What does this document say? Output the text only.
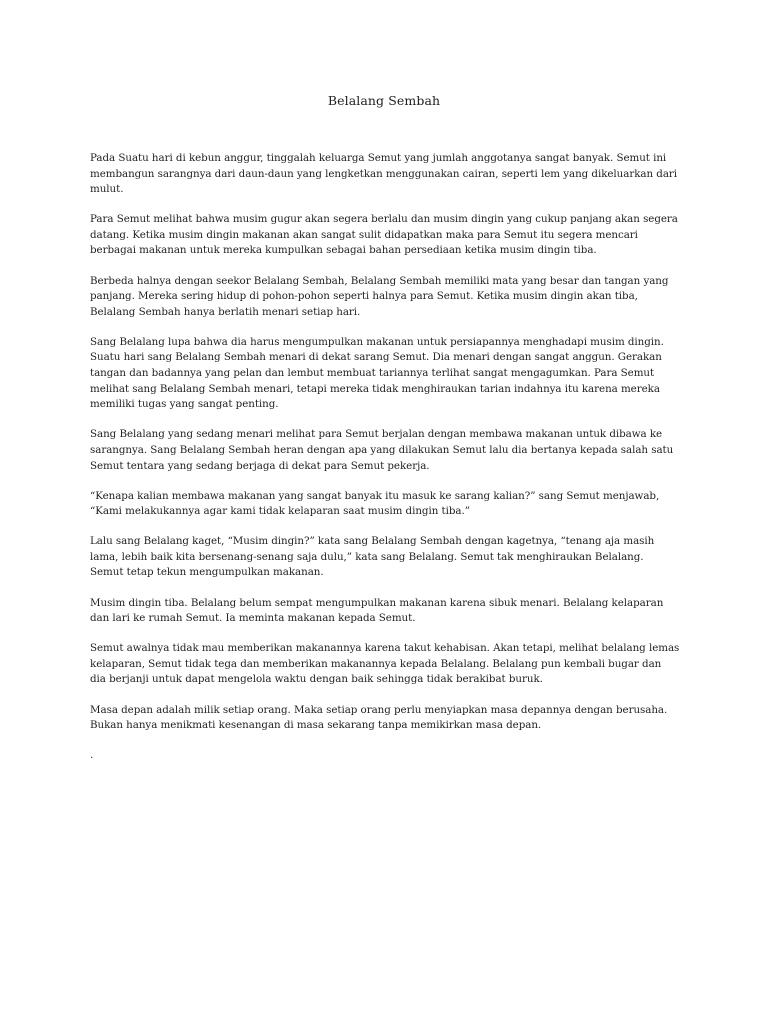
Belalang Sembah

Pada Suatu hari di kebun anggur, tinggalah keluarga Semut yang jumlah anggotanya sangat banyak. Semut ini membangun sarangnya dari daun-daun yang lengketkan menggunakan cairan, seperti lem yang dikeluarkan dari mulut.

Para Semut melihat bahwa musim gugur akan segera berlalu dan musim dingin yang cukup panjang akan segera datang. Ketika musim dingin makanan akan sangat sulit didapatkan maka para Semut itu segera mencari berbagai makanan untuk mereka kumpulkan sebagai bahan persediaan ketika musim dingin tiba.

Berbeda halnya dengan seekor Belalang Sembah, Belalang Sembah memiliki mata yang besar dan tangan yang panjang. Mereka sering hidup di pohon-pohon seperti halnya para Semut. Ketika musim dingin akan tiba, Belalang Sembah hanya berlatih menari setiap hari.

Sang Belalang lupa bahwa dia harus mengumpulkan makanan untuk persiapannya menghadapi musim dingin. Suatu hari sang Belalang Sembah menari di dekat sarang Semut. Dia menari dengan sangat anggun. Gerakan tangan dan badannya yang pelan dan lembut membuat tariannya terlihat sangat mengagumkan. Para Semut melihat sang Belalang Sembah menari, tetapi mereka tidak menghiraukan tarian indahnya itu karena mereka memiliki tugas yang sangat penting.

Sang Belalang yang sedang menari melihat para Semut berjalan dengan membawa makanan untuk dibawa ke sarangnya. Sang Belalang Sembah heran dengan apa yang dilakukan Semut lalu dia bertanya kepada salah satu Semut tentara yang sedang berjaga di dekat para Semut pekerja.

“Kenapa kalian membawa makanan yang sangat banyak itu masuk ke sarang kalian?” sang Semut menjawab, “Kami melakukannya agar kami tidak kelaparan saat musim dingin tiba.”

Lalu sang Belalang kaget, “Musim dingin?” kata sang Belalang Sembah dengan kagetnya, “tenang aja masih lama, lebih baik kita bersenang-senang saja dulu,” kata sang Belalang. Semut tak menghiraukan Belalang. Semut tetap tekun mengumpulkan makanan.

Musim dingin tiba. Belalang belum sempat mengumpulkan makanan karena sibuk menari. Belalang kelaparan dan lari ke rumah Semut. Ia meminta makanan kepada Semut.

Semut awalnya tidak mau memberikan makanannya karena takut kehabisan. Akan tetapi, melihat belalang lemas kelaparan, Semut tidak tega dan memberikan makanannya kepada Belalang. Belalang pun kembali bugar dan dia berjanji untuk dapat mengelola waktu dengan baik sehingga tidak berakibat buruk.

Masa depan adalah milik setiap orang. Maka setiap orang perlu menyiapkan masa depannya dengan berusaha. Bukan hanya menikmati kesenangan di masa sekarang tanpa memikirkan masa depan.

.
